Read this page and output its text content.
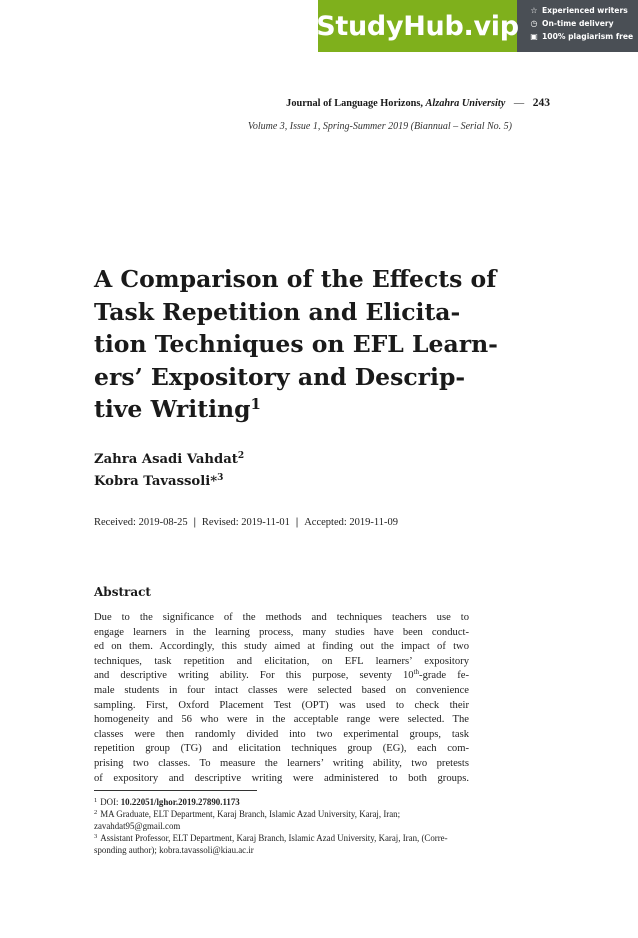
StudyHub.vip ☆ Experienced writers
◷ On-time delivery
▣ 100% plagiarism free
Journal of Language Horizons, Alzahra University — 243
Volume 3, Issue 1, Spring-Summer 2019 (Biannual – Serial No. 5)
A Comparison of the Effects of
Task Repetition and Elicita-
tion Techniques on EFL Learn-
ers’ Expository and Descrip-
tive Writing$^1$
Zahra Asadi Vahdat$^2$
Kobra Tavassoli*$^3$
Received: 2019-08-25 | Revised: 2019-11-01 | Accepted: 2019-11-09
Abstract
Due to the significance of the methods and techniques teachers use to
engage learners in the learning process, many studies have been conduct-
ed on them. Accordingly, this study aimed at finding out the impact of two
techniques, task repetition and elicitation, on EFL learners’ expository
and descriptive writing ability. For this purpose, seventy 10th-grade fe-
male students in four intact classes were selected based on convenience
sampling. First, Oxford Placement Test (OPT) was used to check their
homogeneity and 56 who were in the acceptable range were selected. The
classes were then randomly divided into two experimental groups, task
repetition group (TG) and elicitation techniques group (EG), each com-
prising two classes. To measure the learners’ writing ability, two pretests
of expository and descriptive writing were administered to both groups.
$^1$ DOI: 10.22051/lghor.2019.27890.1173
$^2$ MA Graduate, ELT Department, Karaj Branch, Islamic Azad University, Karaj, Iran;
zavahdat95@gmail.com
$^3$ Assistant Professor, ELT Department, Karaj Branch, Islamic Azad University, Karaj, Iran, (Corre-
sponding author); kobra.tavassoli@kiau.ac.ir
